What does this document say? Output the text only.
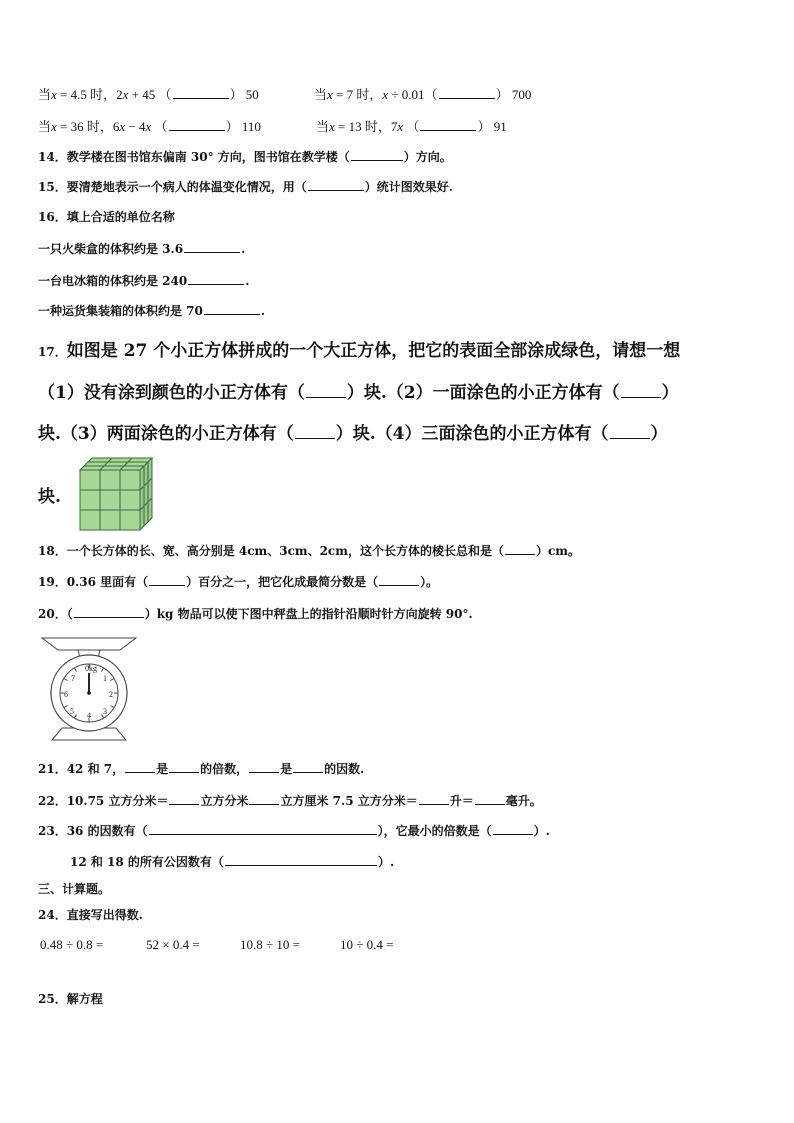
当x = 4.5 时，2x + 45 （	） 50	当x = 7 时，x ÷ 0.01（	） 700
当x = 36 时，6x − 4x （	） 110	当x = 13 时，7x （	） 91
14．教学楼在图书馆东偏南 30° 方向，图书馆在教学楼（	）方向。
15．要清楚地表示一个病人的体温变化情况，用（	）统计图效果好.
16．填上合适的单位名称
一只火柴盒的体积约是 3.6	.
一台电冰箱的体积约是 240	.
一种运货集装箱的体积约是 70	.
17．如图是 27 个小正方体拼成的一个大正方体，把它的表面全部涂成绿色，请想一想
（1）没有涂到颜色的小正方体有（ ）块.（2）一面涂色的小正方体有（ ）
块.（3）两面涂色的小正方体有（ ）块.（4）三面涂色的小正方体有（ ）
块.
18．一个长方体的长、宽、高分别是 4cm、3cm、2cm，这个长方体的棱长总和是（	）cm。
19．0.36 里面有（	）百分之一，把它化成最简分数是（	）。
20．（	）kg 物品可以使下图中秤盘上的指针沿顺时针方向旋转 90°.
0kg
1
2
3
4
5
6
7
21．42 和 7，	是	的倍数，	是	的因数.
22．10.75 立方分米＝	立方分米	立方厘米 7.5 立方分米＝	升＝	毫升。
23．36 的因数有（	），它最小的倍数是（	）.
12 和 18 的所有公因数有（	）.
三、计算题。
24．直接写出得数.
0.48 ÷ 0.8 =	52 × 0.4 =	10.8 ÷ 10 =	10 ÷ 0.4 =
25．解方程
